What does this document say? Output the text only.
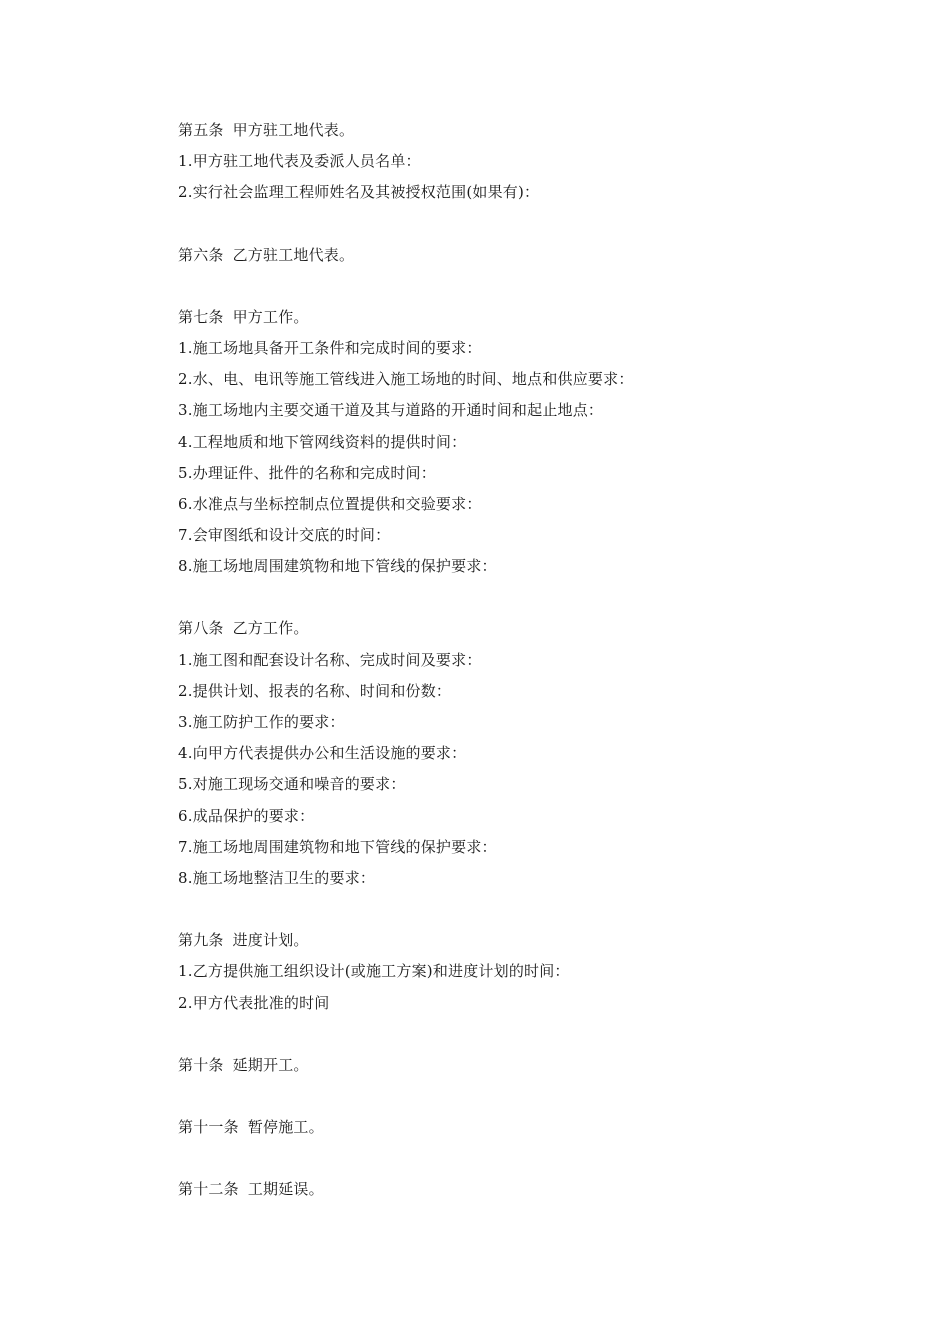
第五条 甲方驻工地代表。
1.甲方驻工地代表及委派人员名单：
2.实行社会监理工程师姓名及其被授权范围(如果有)：
第六条 乙方驻工地代表。
第七条 甲方工作。
1.施工场地具备开工条件和完成时间的要求：
2.水、电、电讯等施工管线进入施工场地的时间、地点和供应要求：
3.施工场地内主要交通干道及其与道路的开通时间和起止地点：
4.工程地质和地下管网线资料的提供时间：
5.办理证件、批件的名称和完成时间：
6.水准点与坐标控制点位置提供和交验要求：
7.会审图纸和设计交底的时间：
8.施工场地周围建筑物和地下管线的保护要求：
第八条 乙方工作。
1.施工图和配套设计名称、完成时间及要求：
2.提供计划、报表的名称、时间和份数：
3.施工防护工作的要求：
4.向甲方代表提供办公和生活设施的要求：
5.对施工现场交通和噪音的要求：
6.成品保护的要求：
7.施工场地周围建筑物和地下管线的保护要求：
8.施工场地整洁卫生的要求：
第九条 进度计划。
1.乙方提供施工组织设计(或施工方案)和进度计划的时间：
2.甲方代表批准的时间
第十条 延期开工。
第十一条 暂停施工。
第十二条 工期延误。
